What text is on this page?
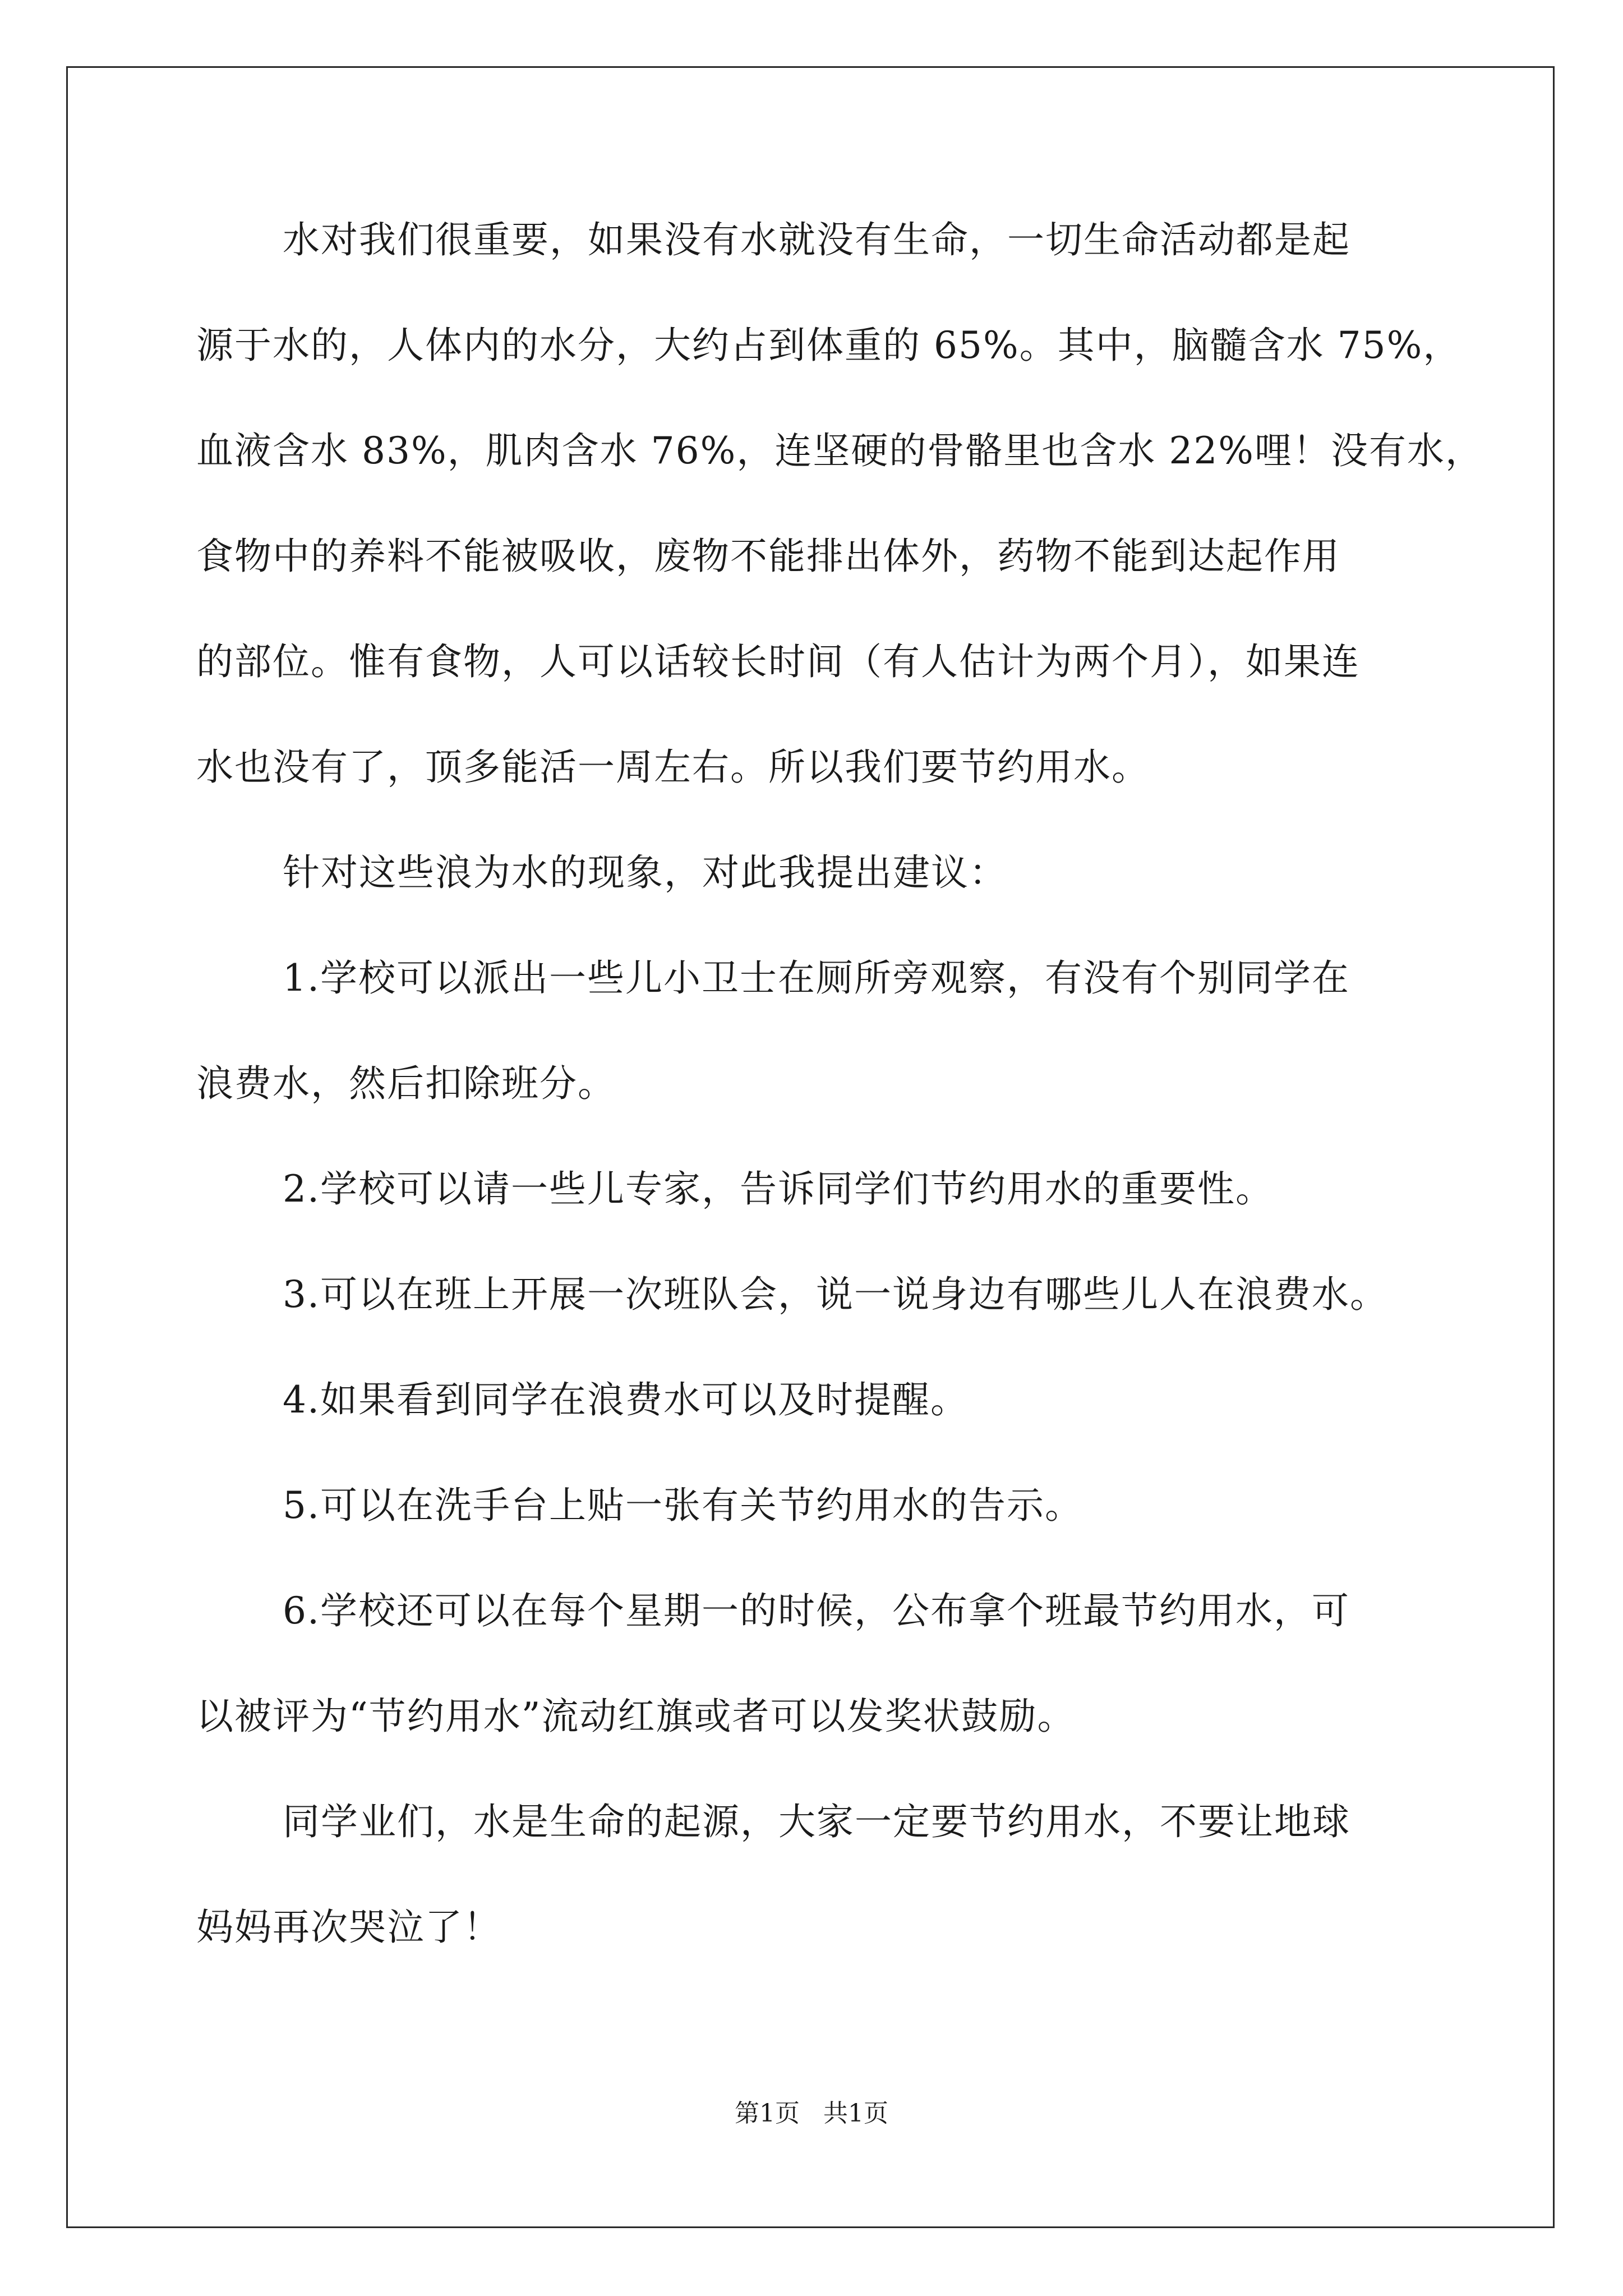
水对我们很重要，如果没有水就没有生命，一切生命活动都是起
源于水的，人体内的水分，大约占到体重的 65%。其中，脑髓含水 75%，
血液含水 83%，肌肉含水 76%，连坚硬的骨骼里也含水 22%哩！没有水，
食物中的养料不能被吸收，废物不能排出体外，药物不能到达起作用
的部位。惟有食物，人可以话较长时间（有人估计为两个月），如果连
水也没有了，顶多能活一周左右。所以我们要节约用水。
针对这些浪为水的现象，对此我提出建议：
1.学校可以派出一些儿小卫士在厕所旁观察，有没有个别同学在
浪费水，然后扣除班分。
2.学校可以请一些儿专家，告诉同学们节约用水的重要性。
3.可以在班上开展一次班队会，说一说身边有哪些儿人在浪费水。
4.如果看到同学在浪费水可以及时提醒。
5.可以在洗手台上贴一张有关节约用水的告示。
6.学校还可以在每个星期一的时候，公布拿个班最节约用水，可
以被评为“节约用水”流动红旗或者可以发奖状鼓励。
同学业们，水是生命的起源，大家一定要节约用水，不要让地球
妈妈再次哭泣了！
第1页   共1页
